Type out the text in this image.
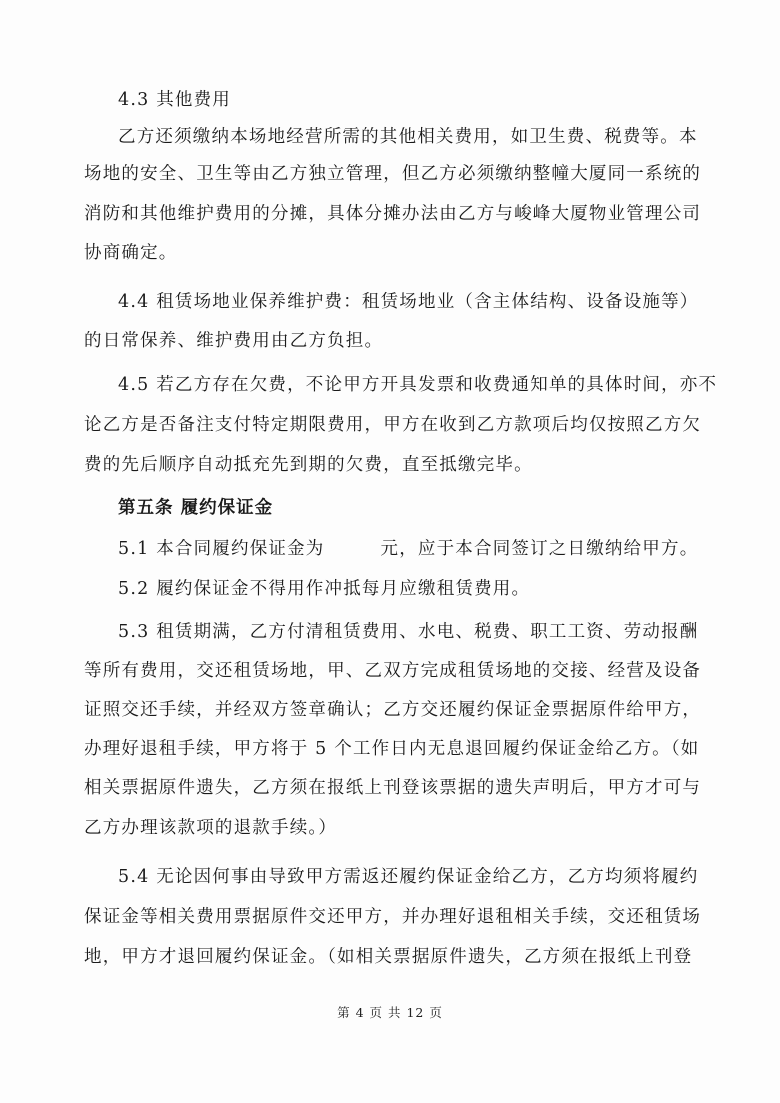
4.3 其他费用
乙方还须缴纳本场地经营所需的其他相关费用，如卫生费、税费等。本
场地的安全、卫生等由乙方独立管理，但乙方必须缴纳整幢大厦同一系统的
消防和其他维护费用的分摊，具体分摊办法由乙方与峻峰大厦物业管理公司
协商确定。
4.4 租赁场地业保养维护费：租赁场地业（含主体结构、设备设施等）
的日常保养、维护费用由乙方负担。
4.5 若乙方存在欠费，不论甲方开具发票和收费通知单的具体时间，亦不
论乙方是否备注支付特定期限费用，甲方在收到乙方款项后均仅按照乙方欠
费的先后顺序自动抵充先到期的欠费，直至抵缴完毕。
第五条 履约保证金
5.1 本合同履约保证金为	元，应于本合同签订之日缴纳给甲方。
5.2 履约保证金不得用作冲抵每月应缴租赁费用。
5.3 租赁期满，乙方付清租赁费用、水电、税费、职工工资、劳动报酬
等所有费用，交还租赁场地，甲、乙双方完成租赁场地的交接、经营及设备
证照交还手续，并经双方签章确认；乙方交还履约保证金票据原件给甲方，
办理好退租手续，甲方将于 5 个工作日内无息退回履约保证金给乙方。（如
相关票据原件遗失，乙方须在报纸上刊登该票据的遗失声明后，甲方才可与
乙方办理该款项的退款手续。）
5.4 无论因何事由导致甲方需返还履约保证金给乙方，乙方均须将履约
保证金等相关费用票据原件交还甲方，并办理好退租相关手续，交还租赁场
地，甲方才退回履约保证金。（如相关票据原件遗失，乙方须在报纸上刊登
第 4 页 共 12 页
